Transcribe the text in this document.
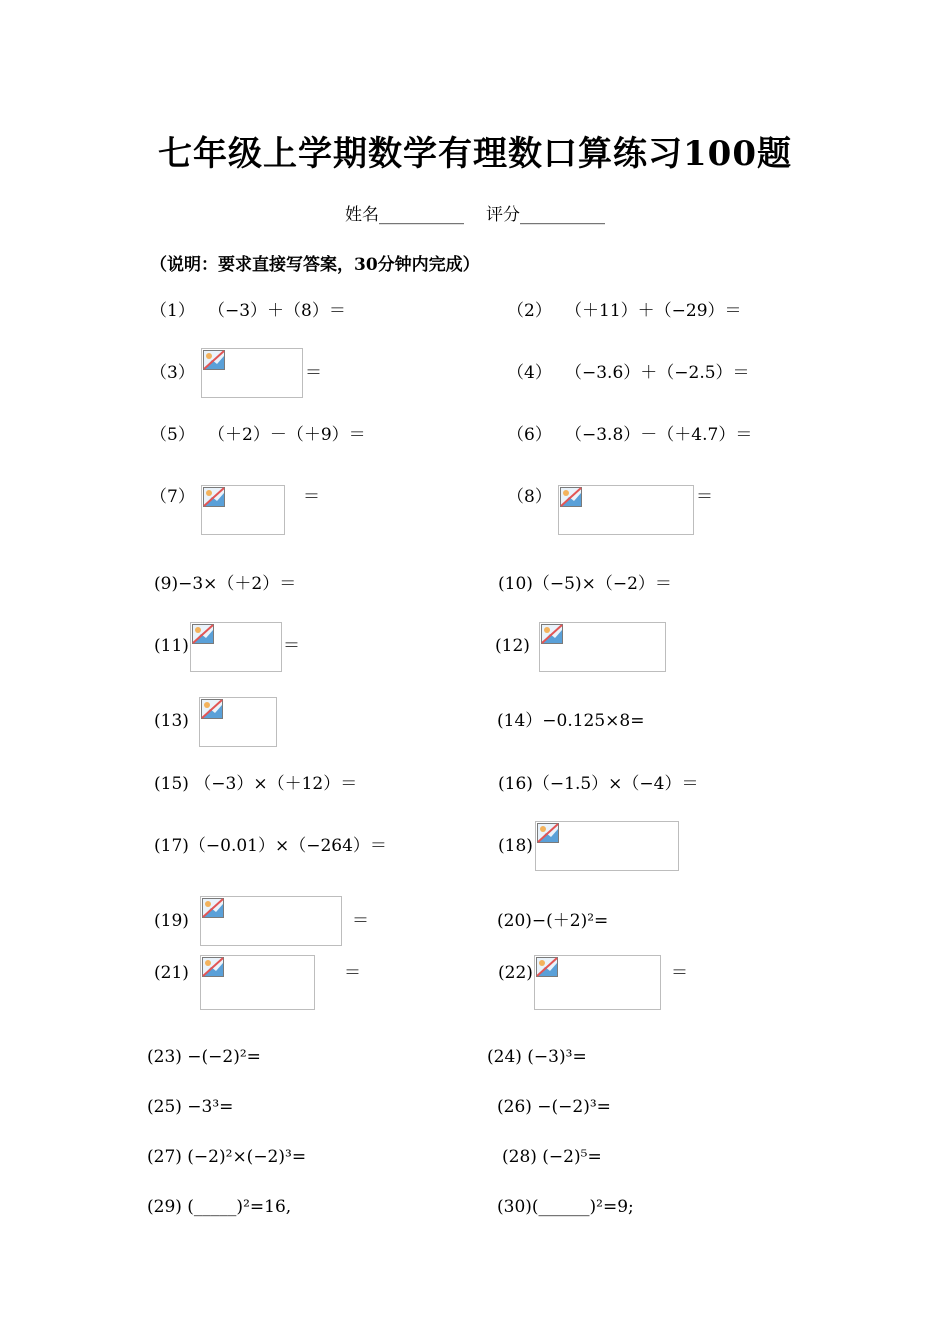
七年级上学期数学有理数口算练习100题
姓名__________ 评分__________
（说明：要求直接写答案，30分钟内完成）
（1） （−3）＋（8）＝	（2） （＋11）＋（−29）＝
（3）	＝	（4） （−3.6）＋（−2.5）＝
（5） （＋2）－（＋9）＝	（6） （−3.8）－（＋4.7）＝
（7）	＝	（8）	＝
(9)−3×（＋2）＝	(10)（−5)×（−2）＝
(11)	＝	(12)
(13)	(14）−0.125×8=
(15) （−3）×（＋12）＝	(16)（−1.5）×（−4）＝
(17)（−0.01）×（−264）＝	(18)
(19)	＝	(20)−(＋2)²=
(21)	＝	(22)	＝
(23) −(−2)²=	(24) (−3)³=
(25) −3³=	(26) −(−2)³=
(27) (−2)²×(−2)³=	(28) (−2)⁵=
(29) (_____)²=16,	(30)(______)²=9;
